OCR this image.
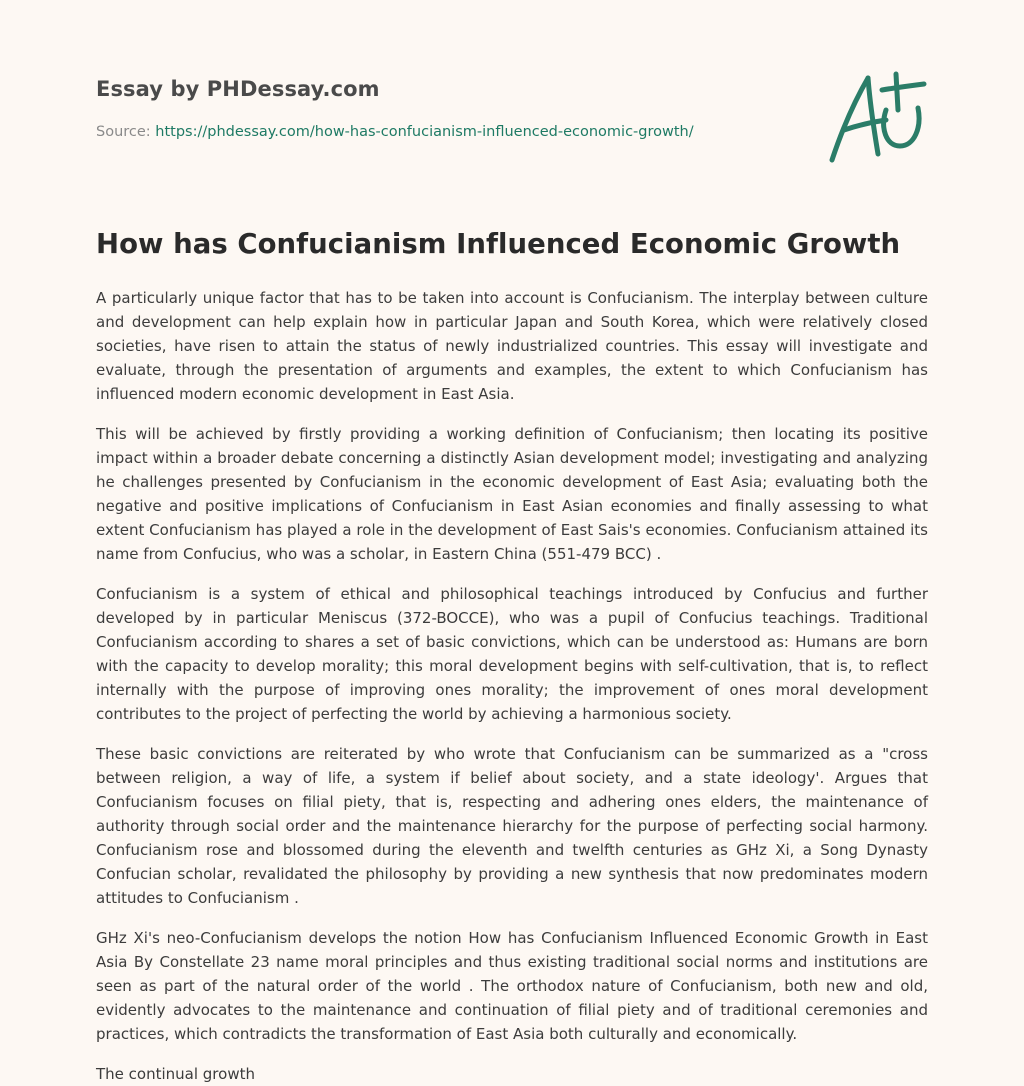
Essay by PHDessay.com
Source: https://phdessay.com/how-has-confucianism-influenced-economic-growth/
How has Confucianism Influenced Economic Growth

A particularly unique factor that has to be taken into account is Confucianism. The interplay between culture and development can help explain how in particular Japan and South Korea, which were relatively closed societies, have risen to attain the status of newly industrialized countries. This essay will investigate and evaluate, through the presentation of arguments and examples, the extent to which Confucianism has influenced modern economic development in East Asia.

This will be achieved by firstly providing a working definition of Confucianism; then locating its positive impact within a broader debate concerning a distinctly Asian development model; investigating and analyzing he challenges presented by Confucianism in the economic development of East Asia; evaluating both the negative and positive implications of Confucianism in East Asian economies and finally assessing to what extent Confucianism has played a role in the development of East Sais's economies. Confucianism attained its name from Confucius, who was a scholar, in Eastern China (551-479 BCC) .

Confucianism is a system of ethical and philosophical teachings introduced by Confucius and further developed by in particular Meniscus (372-BOCCE), who was a pupil of Confucius teachings. Traditional Confucianism according to shares a set of basic convictions, which can be understood as: Humans are born with the capacity to develop morality; this moral development begins with self-cultivation, that is, to reflect internally with the purpose of improving ones morality; the improvement of ones moral development contributes to the project of perfecting the world by achieving a harmonious society.

These basic convictions are reiterated by who wrote that Confucianism can be summarized as a "cross between religion, a way of life, a system if belief about society, and a state ideology'. Argues that Confucianism focuses on filial piety, that is, respecting and adhering ones elders, the maintenance of authority through social order and the maintenance hierarchy for the purpose of perfecting social harmony. Confucianism rose and blossomed during the eleventh and twelfth centuries as GHz Xi, a Song Dynasty Confucian scholar, revalidated the philosophy by providing a new synthesis that now predominates modern attitudes to Confucianism .

GHz Xi's neo-Confucianism develops the notion How has Confucianism Influenced Economic Growth in East Asia By Constellate 23 name moral principles and thus existing traditional social norms and institutions are seen as part of the natural order of the world . The orthodox nature of Confucianism, both new and old, evidently advocates to the maintenance and continuation of filial piety and of traditional ceremonies and practices, which contradicts the transformation of East Asia both culturally and economically.

The continual growth
